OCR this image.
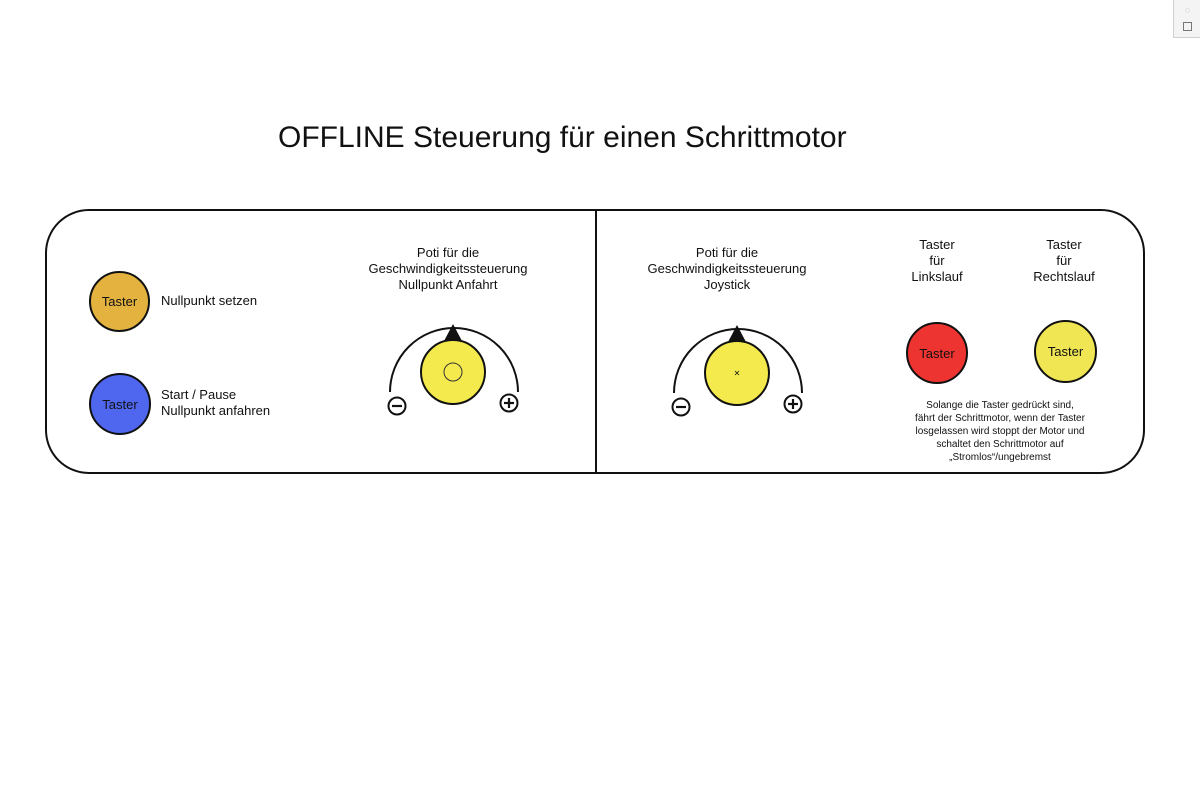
◌
OFFLINE Steuerung für einen Schrittmotor
Taster Nullpunkt setzen
Taster
Start / Pause
Nullpunkt anfahren
Poti für die
Geschwindigkeitssteuerung
Nullpunkt Anfahrt
Poti für die
Geschwindigkeitssteuerung
Joystick
Taster
für
Linkslauf
Taster
Taster
für
Rechtslauf
Taster
Solange die Taster gedrückt sind,
fährt der Schrittmotor, wenn der Taster
losgelassen wird stoppt der Motor und
schaltet den Schrittmotor auf
„Stromlos“/ungebremst
